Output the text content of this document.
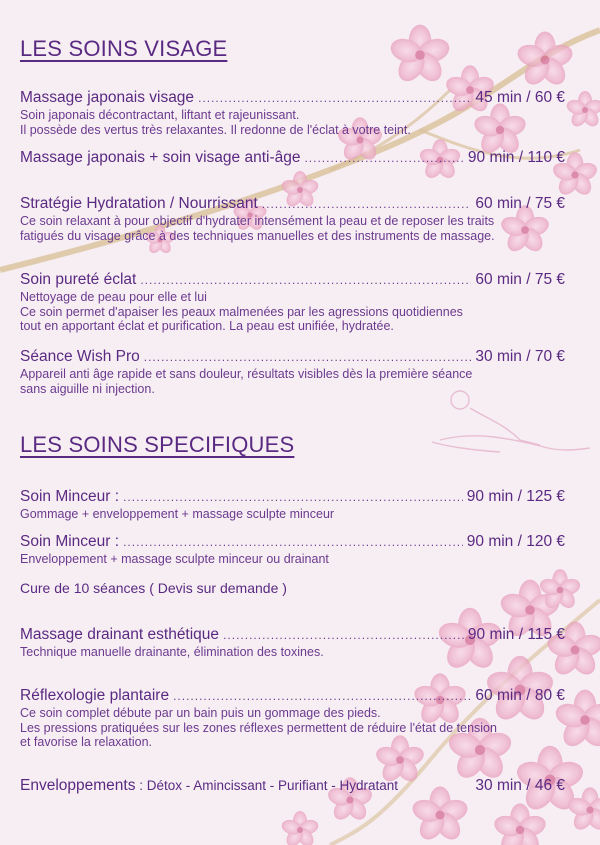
LES SOINS VISAGE
Massage japonais visage .....	45 min / 60 €
Soin japonais décontractant, liftant et rajeunissant.
Il possède des vertus très relaxantes. Il redonne de l'éclat à votre teint.
Massage japonais + soin visage anti-âge .....	90 min / 110 €
Stratégie Hydratation / Nourrissant .....	60 min / 75 €
Ce soin relaxant à pour objectif d'hydrater intensément la peau et de reposer les traits
fatigués du visage grâce à des techniques manuelles et des instruments de massage.
Soin pureté éclat .....	60 min / 75 €
Nettoyage de peau pour elle et lui
Ce soin permet d'apaiser les peaux malmenées par les agressions quotidiennes
tout en apportant éclat et purification. La peau est unifiée, hydratée.
Séance Wish Pro .....	30 min / 70 €
Appareil anti âge rapide et sans douleur, résultats visibles dès la première séance
sans aiguille ni injection.
LES SOINS SPECIFIQUES
Soin Minceur : .....	90 min / 125 €
Gommage + enveloppement + massage sculpte minceur
Soin Minceur : .....	90 min / 120 €
Enveloppement + massage sculpte minceur ou drainant
Cure de 10 séances ( Devis sur demande )
Massage drainant esthétique .....	90 min / 115 €
Technique manuelle drainante, élimination des toxines.
Réflexologie plantaire .....	60 min / 80 €
Ce soin complet débute par un bain puis un gommage des pieds.
Les pressions pratiquées sur les zones réflexes permettent de réduire l'état de tension
et favorise la relaxation.
Enveloppements : Détox - Amincissant - Purifiant - Hydratant	30 min / 46 €
